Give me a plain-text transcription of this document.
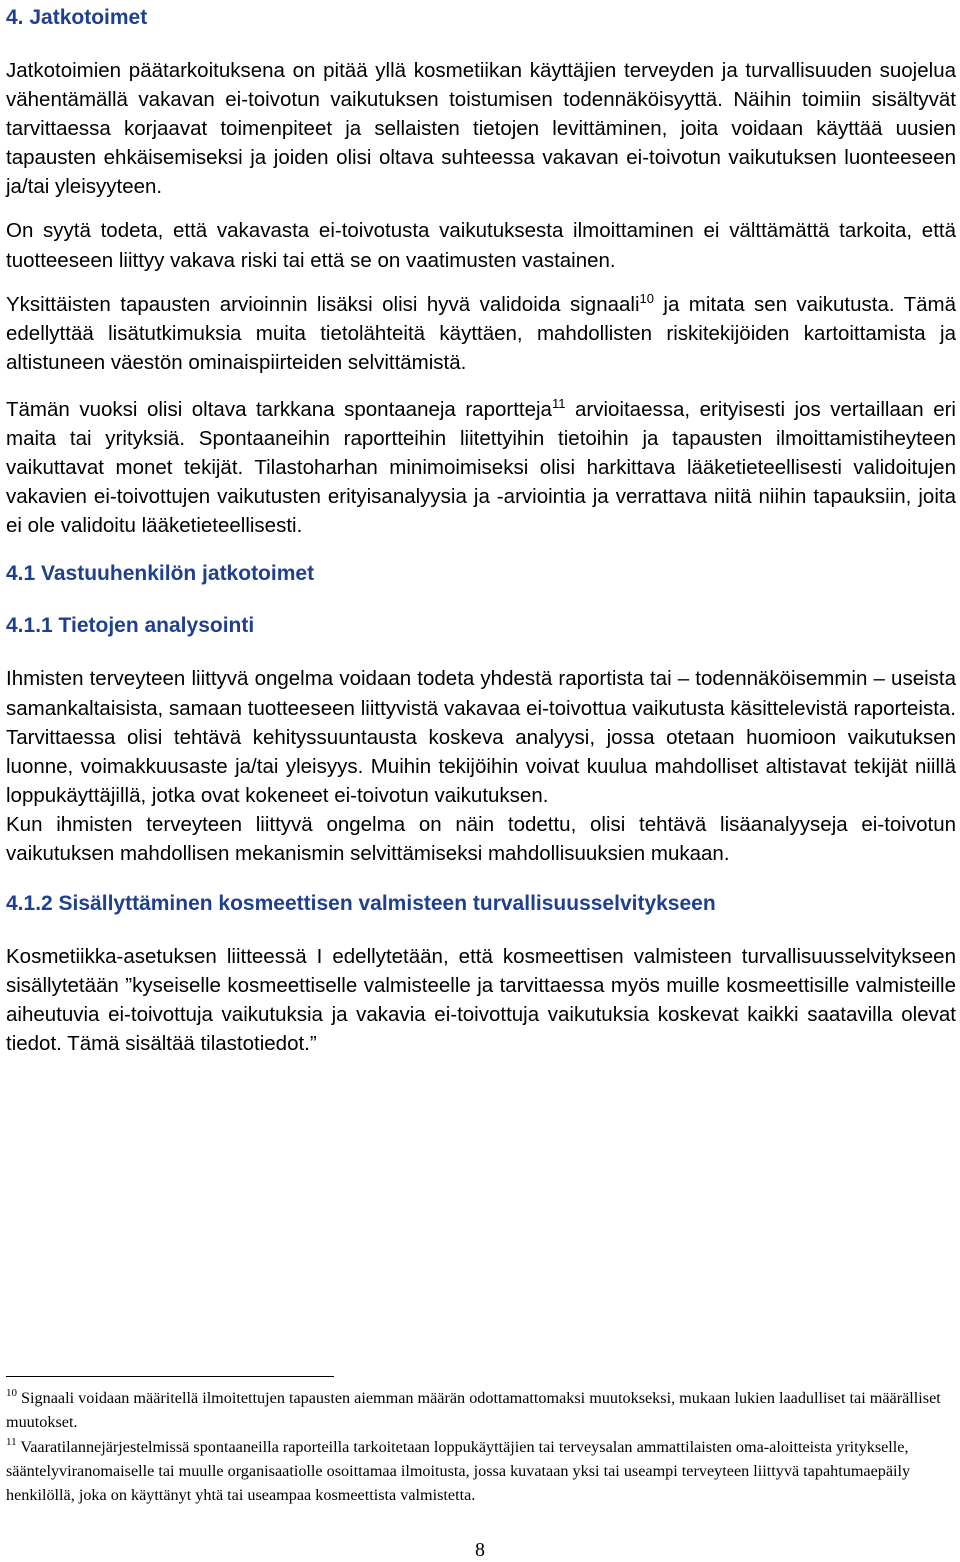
4. Jatkotoimet

Jatkotoimien päätarkoituksena on pitää yllä kosmetiikan käyttäjien terveyden ja turvallisuuden suojelua vähentämällä vakavan ei-toivotun vaikutuksen toistumisen todennäköisyyttä. Näihin toimiin sisältyvät tarvittaessa korjaavat toimenpiteet ja sellaisten tietojen levittäminen, joita voidaan käyttää uusien tapausten ehkäisemiseksi ja joiden olisi oltava suhteessa vakavan ei-toivotun vaikutuksen luonteeseen ja/tai yleisyyteen.

On syytä todeta, että vakavasta ei-toivotusta vaikutuksesta ilmoittaminen ei välttämättä tarkoita, että tuotteeseen liittyy vakava riski tai että se on vaatimusten vastainen.

Yksittäisten tapausten arvioinnin lisäksi olisi hyvä validoida signaali$^{10}$ ja mitata sen vaikutusta. Tämä edellyttää lisätutkimuksia muita tietolähteitä käyttäen, mahdollisten riskitekijöiden kartoittamista ja altistuneen väestön ominaispiirteiden selvittämistä.

Tämän vuoksi olisi oltava tarkkana spontaaneja raportteja$^{11}$ arvioitaessa, erityisesti jos vertaillaan eri maita tai yrityksiä. Spontaaneihin raportteihin liitettyihin tietoihin ja tapausten ilmoittamistiheyteen vaikuttavat monet tekijät. Tilastoharhan minimoimiseksi olisi harkittava lääketieteellisesti validoitujen vakavien ei-toivottujen vaikutusten erityisanalyysia ja -arviointia ja verrattava niitä niihin tapauksiin, joita ei ole validoitu lääketieteellisesti.

4.1 Vastuuhenkilön jatkotoimet
4.1.1 Tietojen analysointi

Ihmisten terveyteen liittyvä ongelma voidaan todeta yhdestä raportista tai – todennäköisemmin – useista samankaltaisista, samaan tuotteeseen liittyvistä vakavaa ei-toivottua vaikutusta käsittelevistä raporteista. Tarvittaessa olisi tehtävä kehityssuuntausta koskeva analyysi, jossa otetaan huomioon vaikutuksen luonne, voimakkuusaste ja/tai yleisyys. Muihin tekijöihin voivat kuulua mahdolliset altistavat tekijät niillä loppukäyttäjillä, jotka ovat kokeneet ei-toivotun vaikutuksen.

Kun ihmisten terveyteen liittyvä ongelma on näin todettu, olisi tehtävä lisäanalyyseja ei-toivotun vaikutuksen mahdollisen mekanismin selvittämiseksi mahdollisuuksien mukaan.

4.1.2 Sisällyttäminen kosmeettisen valmisteen turvallisuusselvitykseen

Kosmetiikka-asetuksen liitteessä I edellytetään, että kosmeettisen valmisteen turvallisuusselvitykseen sisällytetään ”kyseiselle kosmeettiselle valmisteelle ja tarvittaessa myös muille kosmeettisille valmisteille aiheutuvia ei-toivottuja vaikutuksia ja vakavia ei-toivottuja vaikutuksia koskevat kaikki saatavilla olevat tiedot. Tämä sisältää tilastotiedot.”

$^{10}$ Signaali voidaan määritellä ilmoitettujen tapausten aiemman määrän odottamattomaksi muutokseksi, mukaan lukien laadulliset tai määrälliset muutokset.

$^{11}$ Vaaratilannejärjestelmissä spontaaneilla raporteilla tarkoitetaan loppukäyttäjien tai terveysalan ammattilaisten oma-aloitteista yritykselle, sääntelyviranomaiselle tai muulle organisaatiolle osoittamaa ilmoitusta, jossa kuvataan yksi tai useampi terveyteen liittyvä tapahtumaepäily henkilöllä, joka on käyttänyt yhtä tai useampaa kosmeettista valmistetta.

8
